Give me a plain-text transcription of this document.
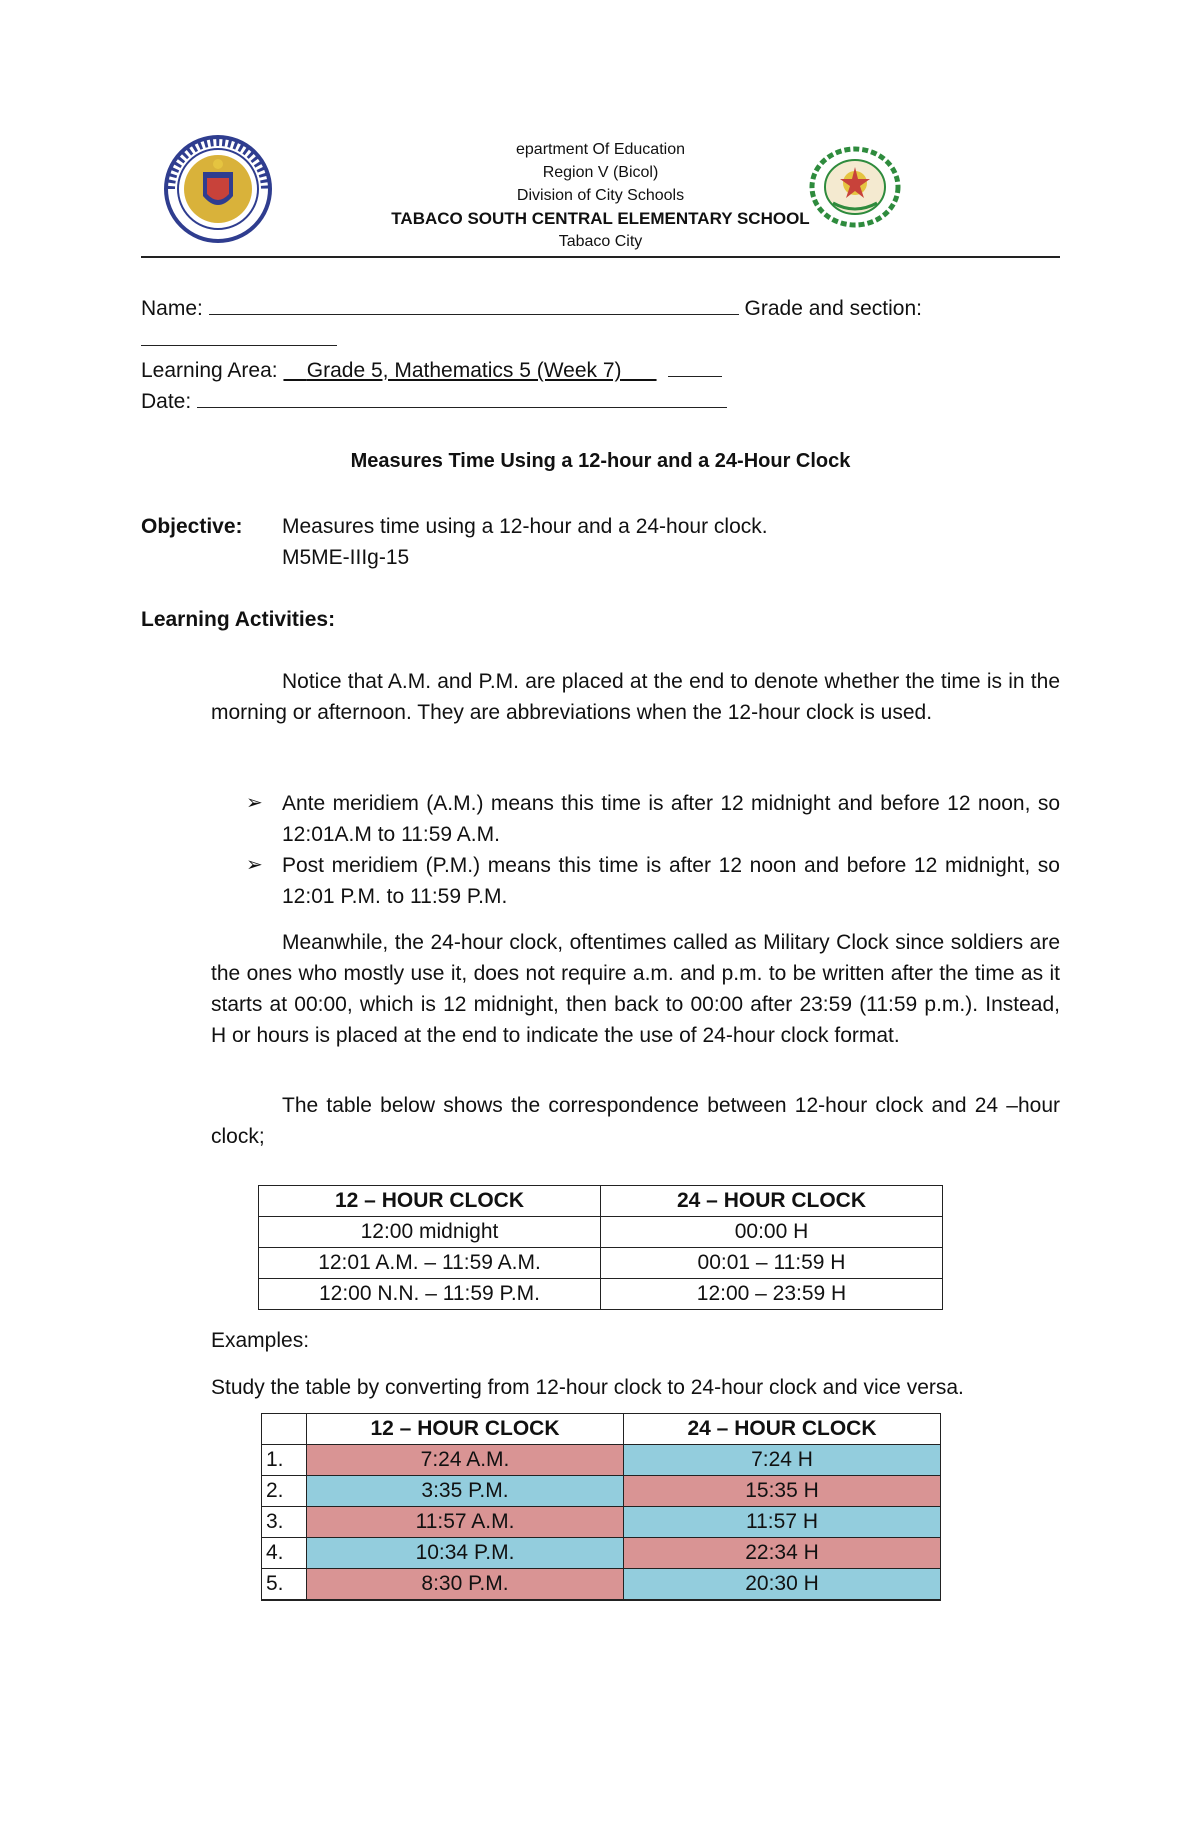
epartment Of Education
Region V (Bicol)
Division of City Schools
TABACO SOUTH CENTRAL ELEMENTARY SCHOOL
Tabaco City
Name:	Grade and section:
Learning Area: Grade 5, Mathematics 5 (Week 7)
Date:
Measures Time Using a 12-hour and a 24-Hour Clock
Objective: Measures time using a 12-hour and a 24-hour clock.
M5ME-IIIg-15
Learning Activities:

Notice that A.M. and P.M. are placed at the end to denote whether the time is in the morning or afternoon. They are abbreviations when the 12-hour clock is used.

➢ Ante meridiem (A.M.) means this time is after 12 midnight and before 12 noon, so 12:01A.M to 11:59 A.M.
➢ Post meridiem (P.M.) means this time is after 12 noon and before 12 midnight, so 12:01 P.M. to 11:59 P.M.

Meanwhile, the 24-hour clock, oftentimes called as Military Clock since soldiers are the ones who mostly use it, does not require a.m. and p.m. to be written after the time as it starts at 00:00, which is 12 midnight, then back to 00:00 after 23:59 (11:59 p.m.). Instead, H or hours is placed at the end to indicate the use of 24-hour clock format.

The table below shows the correspondence between 12-hour clock and 24 –hour clock;

12 – HOUR CLOCK	24 – HOUR CLOCK
12:00 midnight	00:00 H
12:01 A.M. – 11:59 A.M.	00:01 – 11:59 H
12:00 N.N. – 11:59 P.M.	12:00 – 23:59 H
Examples:
Study the table by converting from 12-hour clock to 24-hour clock and vice versa.
	12 – HOUR CLOCK	24 – HOUR CLOCK
1.	7:24 A.M.	7:24 H
2.	3:35 P.M.	15:35 H
3.	11:57 A.M.	11:57 H
4.	10:34 P.M.	22:34 H
5.	8:30 P.M.	20:30 H
